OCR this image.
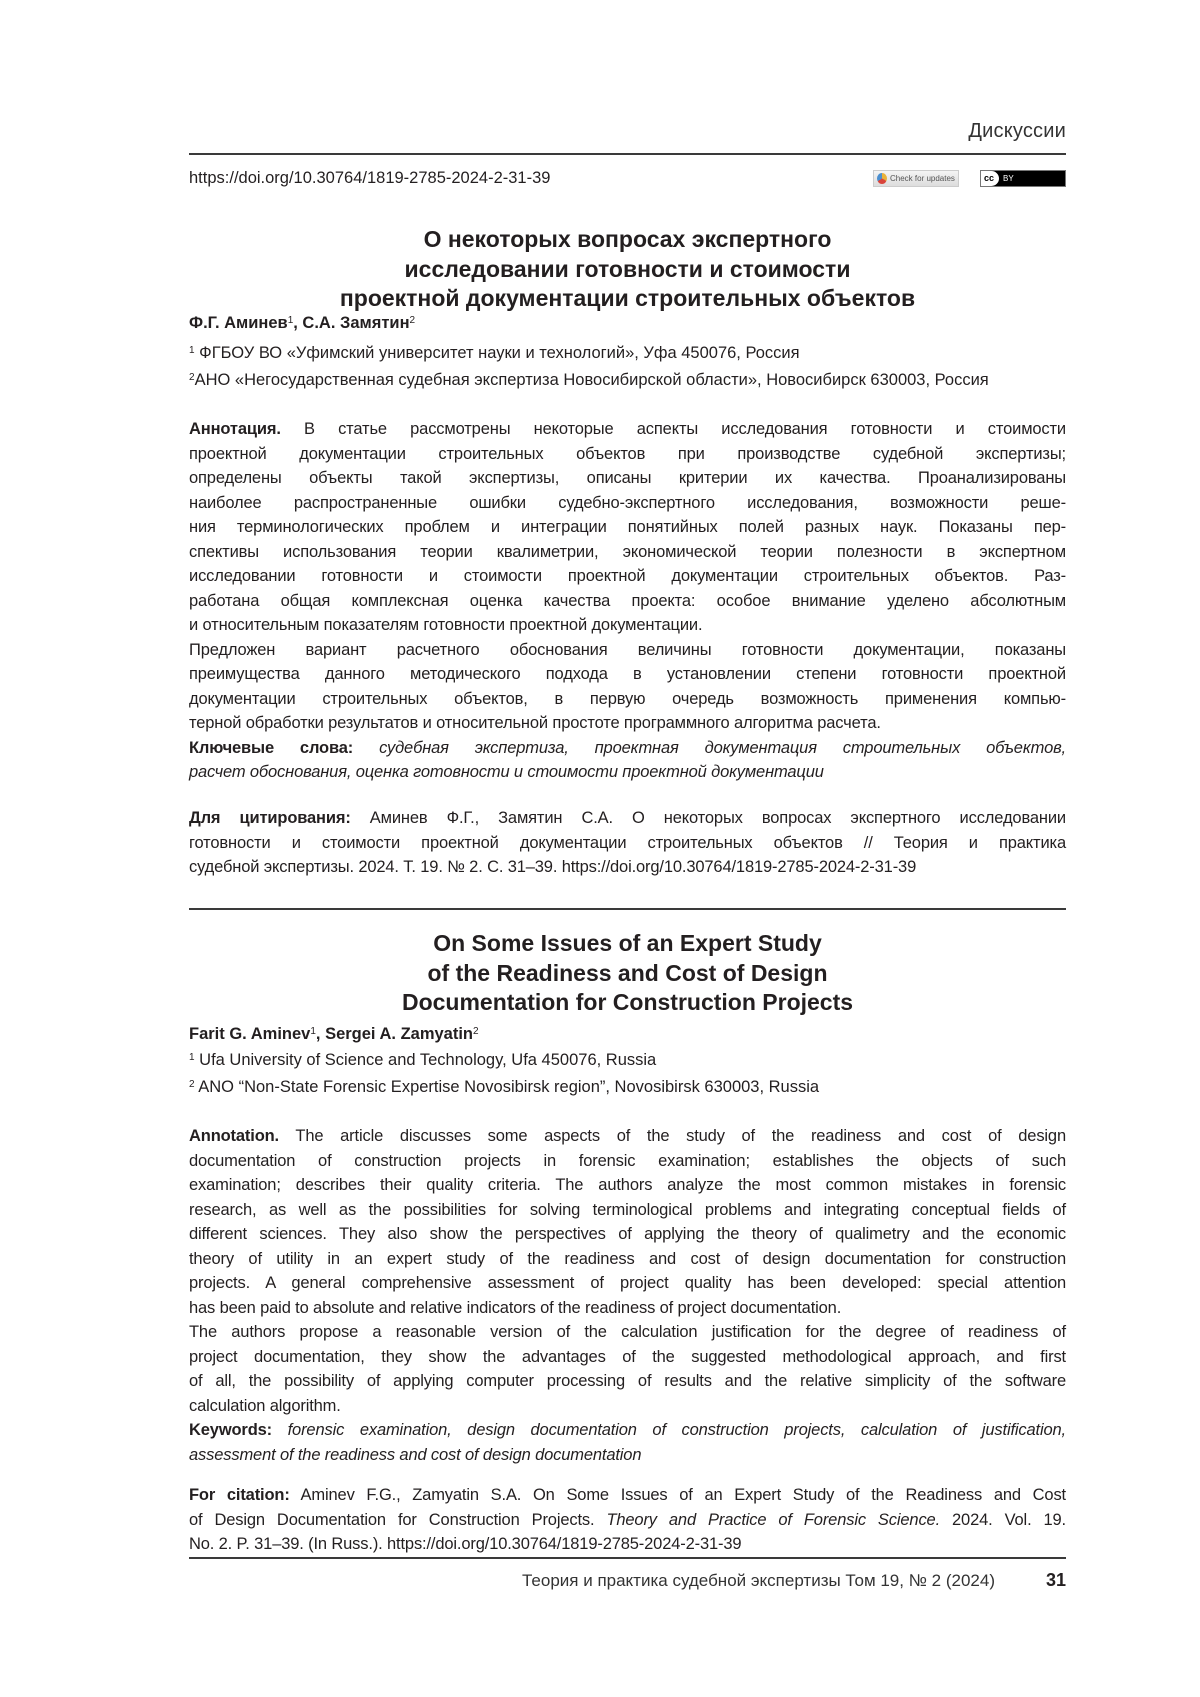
Дискуссии
https://doi.org/10.30764/1819-2785-2024-2-31-39	Check for updates	cc	BY
О некоторых вопросах экспертного
исследовании готовности и стоимости
проектной документации строительных объектов
Ф.Г. Аминев1, С.А. Замятин2
1 ФГБОУ ВО «Уфимский университет науки и технологий», Уфа 450076, Россия
2АНО «Негосударственная судебная экспертиза Новосибирской области», Новосибирск 630003, Россия
Аннотация. В статье рассмотрены некоторые аспекты исследования готовности и стоимости
проектной документации строительных объектов при производстве судебной экспертизы;
определены объекты такой экспертизы, описаны критерии их качества. Проанализированы
наиболее распространенные ошибки судебно-экспертного исследования, возможности реше-
ния терминологических проблем и интеграции понятийных полей разных наук. Показаны пер-
спективы использования теории квалиметрии, экономической теории полезности в экспертном
исследовании готовности и стоимости проектной документации строительных объектов. Раз-
работана общая комплексная оценка качества проекта: особое внимание уделено абсолютным
и относительным показателям готовности проектной документации.
Предложен вариант расчетного обоснования величины готовности документации, показаны
преимущества данного методического подхода в установлении степени готовности проектной
документации строительных объектов, в первую очередь возможность применения компью-
терной обработки результатов и относительной простоте программного алгоритма расчета.
Ключевые слова: судебная экспертиза, проектная документация строительных объектов,
расчет обоснования, оценка готовности и стоимости проектной документации
Для цитирования: Аминев Ф.Г., Замятин С.А. О некоторых вопросах экспертного исследовании
готовности и стоимости проектной документации строительных объектов // Теория и практика
судебной экспертизы. 2024. Т. 19. № 2. С. 31–39. https://doi.org/10.30764/1819-2785-2024-2-31-39
On Some Issues of an Expert Study
of the Readiness and Cost of Design
Documentation for Construction Projects
Farit G. Aminev1, Sergei A. Zamyatin2
1 Ufa University of Science and Technology, Ufa 450076, Russia
2 ANO “Non-State Forensic Expertise Novosibirsk region”, Novosibirsk 630003, Russia
Annotation. The article discusses some aspects of the study of the readiness and cost of design
documentation of construction projects in forensic examination; establishes the objects of such
examination; describes their quality criteria. The authors analyze the most common mistakes in forensic
research, as well as the possibilities for solving terminological problems and integrating conceptual fields of
different sciences. They also show the perspectives of applying the theory of qualimetry and the economic
theory of utility in an expert study of the readiness and cost of design documentation for construction
projects. A general comprehensive assessment of project quality has been developed: special attention
has been paid to absolute and relative indicators of the readiness of project documentation.
The authors propose a reasonable version of the calculation justification for the degree of readiness of
project documentation, they show the advantages of the suggested methodological approach, and first
of all, the possibility of applying computer processing of results and the relative simplicity of the software
calculation algorithm.
Keywords: forensic examination, design documentation of construction projects, calculation of justification,
assessment of the readiness and cost of design documentation
For citation: Aminev F.G., Zamyatin S.A. On Some Issues of an Expert Study of the Readiness and Cost
of Design Documentation for Construction Projects. Theory and Practice of Forensic Science. 2024. Vol. 19.
No. 2. P. 31–39. (In Russ.). https://doi.org/10.30764/1819-2785-2024-2-31-39
Теория и практика судебной экспертизы Том 19, № 2 (2024)	31
